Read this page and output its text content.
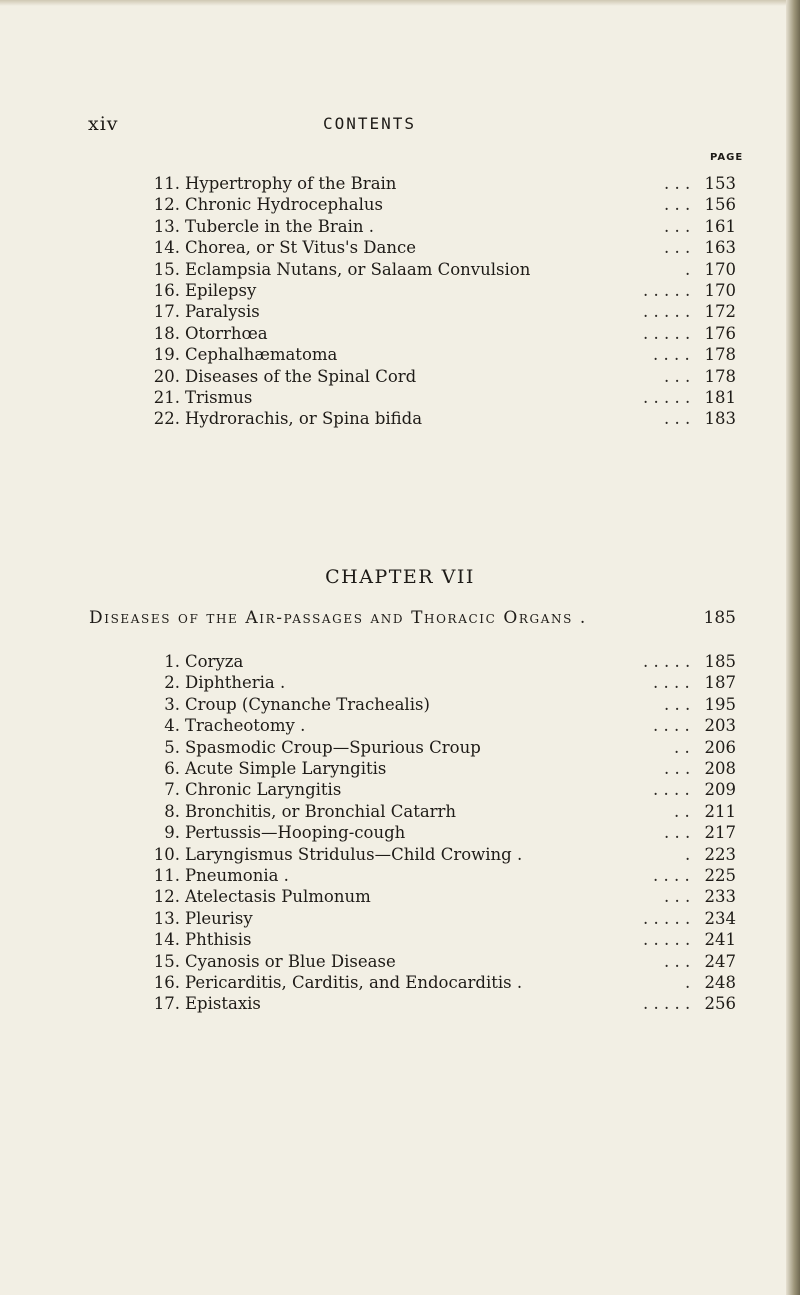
xiv	CONTENTS
PAGE
11. Hypertrophy of the Brain	. . . 153
12. Chronic Hydrocephalus	. . . 156
13. Tubercle in the Brain .	. . . 161
14. Chorea, or St Vitus's Dance	. . . 163
15. Eclampsia Nutans, or Salaam Convulsion	. 170
16. Epilepsy	. . . . . 170
17. Paralysis	. . . . . 172
18. Otorrhœa	. . . . . 176
19. Cephalhæmatoma	. . . . 178
20. Diseases of the Spinal Cord	. . . 178
21. Trismus	. . . . . 181
22. Hydrorachis, or Spina bifida	. . . 183
CHAPTER VII
Diseases of the Air-passages and Thoracic Organs .	185
1. Coryza	. . . . . 185
2. Diphtheria .	. . . . 187
3. Croup (Cynanche Trachealis)	. . . 195
4. Tracheotomy .	. . . . 203
5. Spasmodic Croup—Spurious Croup	. . 206
6. Acute Simple Laryngitis	. . . 208
7. Chronic Laryngitis	. . . . 209
8. Bronchitis, or Bronchial Catarrh	. . 211
9. Pertussis—Hooping-cough	. . . 217
10. Laryngismus Stridulus—Child Crowing .	. 223
11. Pneumonia .	. . . . 225
12. Atelectasis Pulmonum	. . . 233
13. Pleurisy	. . . . . 234
14. Phthisis	. . . . . 241
15. Cyanosis or Blue Disease	. . . 247
16. Pericarditis, Carditis, and Endocarditis .	. 248
17. Epistaxis	. . . . . 256
